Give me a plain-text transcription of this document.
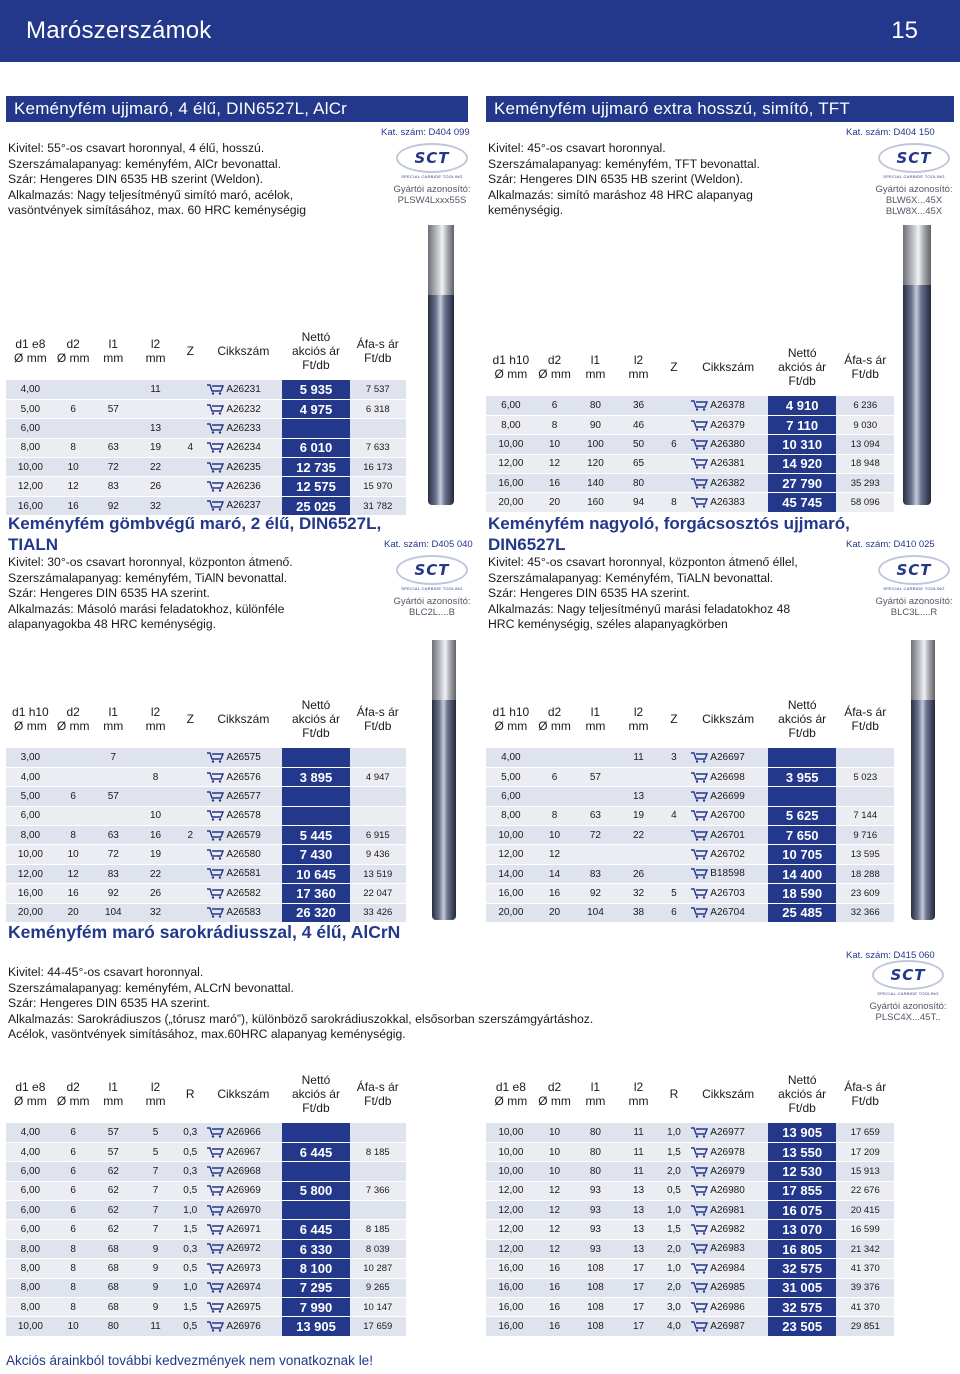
Marószerszámok	15
Keményfém ujjmaró, 4 élű, DIN6527L, AlCr
Kat. szám: D404 099
Kivitel: 55°-os csavart horonnyal, 4 élű, hosszú.
Szerszámalapanyag: keményfém, AlCr bevonattal.
Szár: Hengeres DIN 6535 HB szerint (Weldon).
Alkalmazás: Nagy teljesítményű simító maró, acélok,
vasöntvények simításához, max. 60 HRC keménységig
SCT
SPECIAL CARBIDE TOOLING
Gyártói azonosító:
PLSW4Lxxx55S
d1 e8
Ø mm	d2
Ø mm	l1
mm	l2
mm	Z	Cikkszám	Nettó
akciós ár
Ft/db	Áfa-s ár
Ft/db
4,00			11		A26231	5 935	7 537
5,00	6	57			A26232	4 975	6 318
6,00			13		A26233		
8,00	8	63	19	4	A26234	6 010	7 633
10,00	10	72	22		A26235	12 735	16 173
12,00	12	83	26		A26236	12 575	15 970
16,00	16	92	32		A26237	25 025	31 782
Keményfém ujjmaró extra hosszú, simító, TFT
Kat. szám: D404 150
Kivitel: 45°-os csavart horonnyal.
Szerszámalapanyag: keményfém, TFT bevonattal.
Szár: Hengeres DIN 6535 HB szerint (Weldon).
Alkalmazás: simító maráshoz 48 HRC alapanyag
keménységig.
SCT
SPECIAL CARBIDE TOOLING
Gyártói azonosító:
BLW6X...45X
BLW8X...45X
d1 h10
Ø mm	d2
Ø mm	l1
mm	l2
mm	Z	Cikkszám	Nettó
akciós ár
Ft/db	Áfa-s ár
Ft/db
6,00	6	80	36		A26378	4 910	6 236
8,00	8	90	46		A26379	7 110	9 030
10,00	10	100	50	6	A26380	10 310	13 094
12,00	12	120	65		A26381	14 920	18 948
16,00	16	140	80		A26382	27 790	35 293
20,00	20	160	94	8	A26383	45 745	58 096
Keményfém gömbvégű maró, 2 élű, DIN6527L,
TIALN	Kat. szám: D405 040
Kivitel: 30°-os csavart horonnyal, központon átmenő.
Szerszámalapanyag: keményfém, TiAlN bevonattal.
Szár: Hengeres DIN 6535 HA szerint.
Alkalmazás: Másoló marási feladatokhoz, különféle
alapanyagokba 48 HRC keménységig.
SCT
SPECIAL CARBIDE TOOLING
Gyártói azonosító:
BLC2L....B
d1 h10
Ø mm	d2
Ø mm	l1
mm	l2
mm	Z	Cikkszám	Nettó
akciós ár
Ft/db	Áfa-s ár
Ft/db
3,00		7			A26575		
4,00			8		A26576	3 895	4 947
5,00	6	57			A26577		
6,00			10		A26578		
8,00	8	63	16	2	A26579	5 445	6 915
10,00	10	72	19		A26580	7 430	9 436
12,00	12	83	22		A26581	10 645	13 519
16,00	16	92	26		A26582	17 360	22 047
20,00	20	104	32		A26583	26 320	33 426
Keményfém nagyoló, forgácsosztós ujjmaró,
DIN6527L	Kat. szám: D410 025
Kivitel: 45°-os csavart horonnyal, központon átmenő éllel,
Szerszámalapanyag: Keményfém, TiALN bevonattal.
Szár: Hengeres DIN 6535 HA szerint.
Alkalmazás: Nagy teljesítményű marási feladatokhoz 48
HRC keménységig, széles alapanyagkörben
SCT
SPECIAL CARBIDE TOOLING
Gyártói azonosító:
BLC3L....R
d1 h10
Ø mm	d2
Ø mm	l1
mm	l2
mm	Z	Cikkszám	Nettó
akciós ár
Ft/db	Áfa-s ár
Ft/db
4,00			11	3	A26697		
5,00	6	57			A26698	3 955	5 023
6,00			13		A26699		
8,00	8	63	19	4	A26700	5 625	7 144
10,00	10	72	22		A26701	7 650	9 716
12,00	12				A26702	10 705	13 595
14,00	14	83	26		B18598	14 400	18 288
16,00	16	92	32	5	A26703	18 590	23 609
20,00	20	104	38	6	A26704	25 485	32 366
Keményfém maró sarokrádiusszal, 4 élű, AlCrN
Kat. szám: D415 060
Kivitel: 44-45°-os csavart horonnyal.
Szerszámalapanyag: keményfém, ALCrN bevonattal.
Szár: Hengeres DIN 6535 HA szerint.
Alkalmazás: Sarokrádiuszos („tórusz maró”), különböző sarokrádiuszokkal, elsősorban szerszámgyártáshoz.
Acélok, vasöntvények simításához, max.60HRC alapanyag keménységig.
SCT
SPECIAL CARBIDE TOOLING
Gyártói azonosító:
PLSC4X...45T..
d1 e8
Ø mm	d2
Ø mm	l1
mm	l2
mm	R	Cikkszám	Nettó
akciós ár
Ft/db	Áfa-s ár
Ft/db
4,00	6	57	5	0,3	A26966		
4,00	6	57	5	0,5	A26967	6 445	8 185
6,00	6	62	7	0,3	A26968		
6,00	6	62	7	0,5	A26969	5 800	7 366
6,00	6	62	7	1,0	A26970		
6,00	6	62	7	1,5	A26971	6 445	8 185
8,00	8	68	9	0,3	A26972	6 330	8 039
8,00	8	68	9	0,5	A26973	8 100	10 287
8,00	8	68	9	1,0	A26974	7 295	9 265
8,00	8	68	9	1,5	A26975	7 990	10 147
10,00	10	80	11	0,5	A26976	13 905	17 659
d1 e8
Ø mm	d2
Ø mm	l1
mm	l2
mm	R	Cikkszám	Nettó
akciós ár
Ft/db	Áfa-s ár
Ft/db
10,00	10	80	11	1,0	A26977	13 905	17 659
10,00	10	80	11	1,5	A26978	13 550	17 209
10,00	10	80	11	2,0	A26979	12 530	15 913
12,00	12	93	13	0,5	A26980	17 855	22 676
12,00	12	93	13	1,0	A26981	16 075	20 415
12,00	12	93	13	1,5	A26982	13 070	16 599
12,00	12	93	13	2,0	A26983	16 805	21 342
16,00	16	108	17	1,0	A26984	32 575	41 370
16,00	16	108	17	2,0	A26985	31 005	39 376
16,00	16	108	17	3,0	A26986	32 575	41 370
16,00	16	108	17	4,0	A26987	23 505	29 851
Akciós árainkból további kedvezmények nem vonatkoznak le!
